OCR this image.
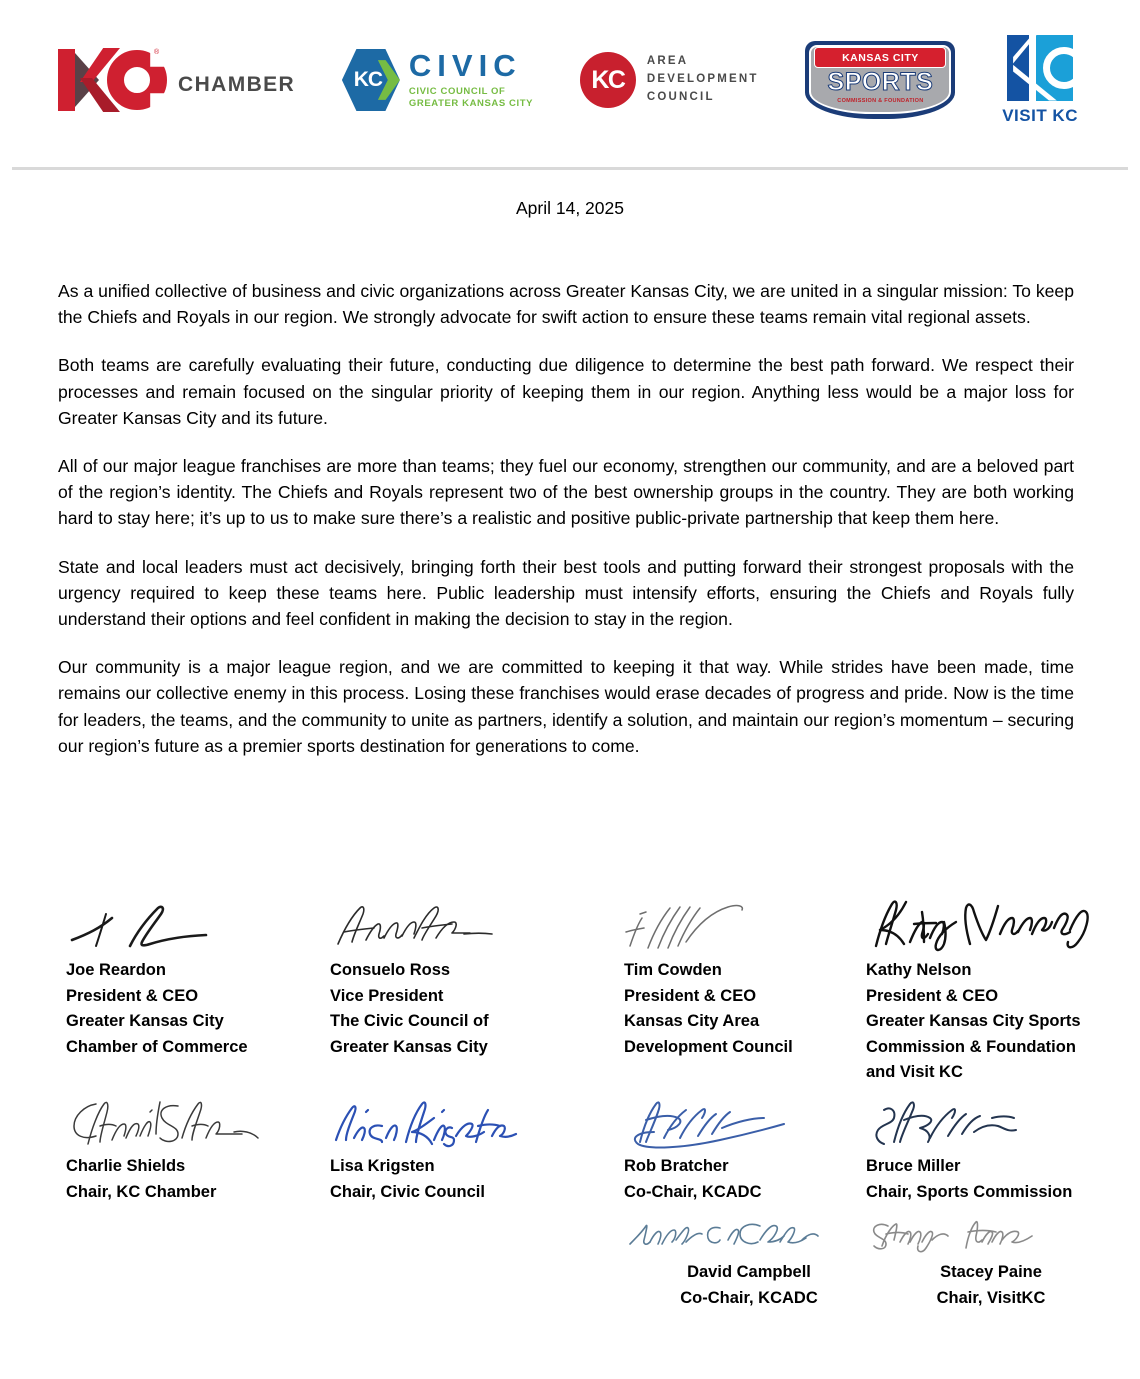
®
CHAMBER	KC CIVIC
CIVIC COUNCIL OF
GREATER KANSAS CITY
KC
AREA
DEVELOPMENT
COUNCIL
KANSAS CITY
SPORTS
COMMISSION & FOUNDATION
VISIT KC
April 14, 2025

As a unified collective of business and civic organizations across Greater Kansas City, we are united in a singular mission: To keep the Chiefs and Royals in our region. We strongly advocate for swift action to ensure these teams remain vital regional assets.

Both teams are carefully evaluating their future, conducting due diligence to determine the best path forward. We respect their processes and remain focused on the singular priority of keeping them in our region. Anything less would be a major loss for Greater Kansas City and its future.

All of our major league franchises are more than teams; they fuel our economy, strengthen our community, and are a beloved part of the region’s identity. The Chiefs and Royals represent two of the best ownership groups in the country. They are both working hard to stay here; it’s up to us to make sure there’s a realistic and positive public-private partnership that keep them here.

State and local leaders must act decisively, bringing forth their best tools and putting forward their strongest proposals with the urgency required to keep these teams here. Public leadership must intensify efforts, ensuring the Chiefs and Royals fully understand their options and feel confident in making the decision to stay in the region.

Our community is a major league region, and we are committed to keeping it that way. While strides have been made, time remains our collective enemy in this process. Losing these franchises would erase decades of progress and pride. Now is the time for leaders, the teams, and the community to unite as partners, identify a solution, and maintain our region’s momentum – securing our region’s future as a premier sports destination for generations to come.

Joe Reardon
President & CEO
Greater Kansas City
Chamber of Commerce
Consuelo Ross
Vice President
The Civic Council of
Greater Kansas City
Tim Cowden
President & CEO
Kansas City Area
Development Council
Kathy Nelson
President & CEO
Greater Kansas City Sports
Commission & Foundation
and Visit KC
Charlie Shields
Chair, KC Chamber
Lisa Krigsten
Chair, Civic Council
Rob Bratcher
Co-Chair, KCADC
Bruce Miller
Chair, Sports Commission
David Campbell
Co-Chair, KCADC
Stacey Paine
Chair, VisitKC
